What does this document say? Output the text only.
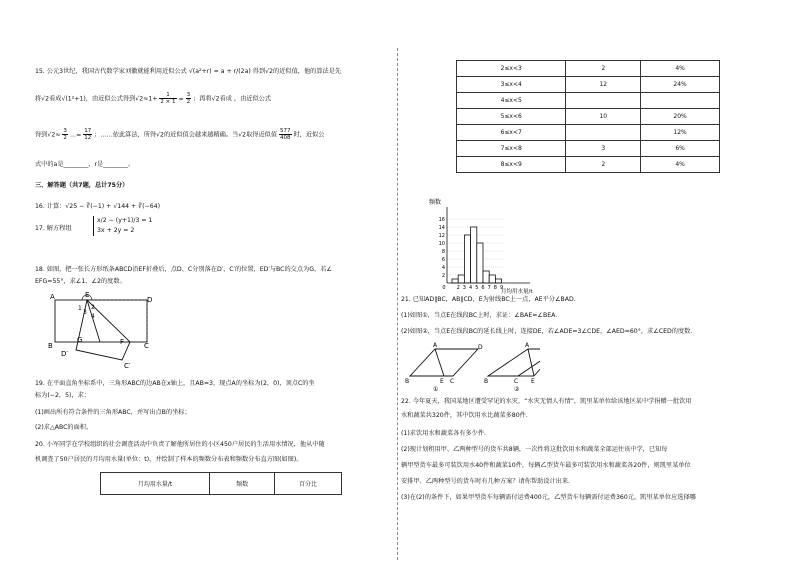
15. 公元3世纪，我国古代数学家刘徽就能利用近似公式 √(a²+r) ≈ a + r/(2a) 得到√2的近似值，他的算法是先
将√2看成√(1²+1)，由近似公式得到$√2\approx 1+ \frac{1}{2 \times 1} = \frac{3}{2}$ ；再将√2看成 ，由近似公式
得到$√2\approx \frac{3}{2}$ …= $\frac{17}{12}$ ；……依此算法，所得√2的近似值会越来越精确。当√2取得近似值 $\frac{577}{408}$ 时，近似公
式中的a是________，r是________。
三、解答题（共7题，总计75分）
16. 计算：√25 − ∛(−1) + √144 + ∛(−64)
17. 解方程组
x/2 − (y+1)/3 = 1
3x + 2y = 2
18. 如图，把一张长方形纸条ABCD沿EF折叠后，点D、C分别落在D′、C′的位置，ED′与BC的交点为G，若∠
EFG=55°，求∠1、∠2的度数。
A	E
D
B
G	F	C
D′
C′
1 2
3
4
19. 在平面直角坐标系中，三角形ABC的边AB在x轴上，且AB=3，现点A的坐标为(2，0)，顶点C的坐
标为(−2，5)，求：
(1)画出所有符合条件的三角形ABC，并写出点B的坐标；
(2)求△ABC的面积。
20. 小军同学在学校组织的社会调查活动中负责了解他所居住的小区450户居民的生活用水情况，他从中随
机调查了50户居民的月均用水量(单位：t)，并绘制了样本的频数分布表和频数分布直方图(如图)。
月均用水量/t	频数	百分比
2≤x<3	2	4%
3≤x<4	12	24%
4≤x<5		
5≤x<6	10	20%
6≤x<7		12%
7≤x<8	3	6%
8≤x<9	2	4%
频数
月均用水量/t
2
4
6
8
10
12
14
16
0 2 3 4 5 6 7 8 9
21. 已知AD∥BC，AB∥CD，E为射线BC上一点，AE平分∠BAD.
(1)如图①，当点E在线段BC上时，求证：∠BAE=∠BEA.
(2)如图②，当点E在线段BC的延长线上时，连接DE，若∠ADE=3∠CDE，∠AED=60°，求∠CED的度数.
B
A	D
E C
①
B
A
C E
②
22. 今年夏天，我国某地区遭受罕见的水灾，“水灾无情人有情”，凯里某单位给该地区某中学捐赠一批饮用
水和蔬菜共320件，其中饮用水比蔬菜多80件.
(1)求饮用水和蔬菜各有多少件.
(2)现计划租用甲、乙两种型号的货车共8辆，一次性将这批饮用水和蔬菜全部运往该中学，已知每
辆甲型货车最多可装饮用水40件和蔬菜10件，每辆乙型货车最多可装饮用水和蔬菜各20件，则凯里某单位
安排甲、乙两种型号的货车时有几种方案？请你帮助设计出来.
(3)在(2)的条件下，如果甲型货车每辆需付运费400元，乙型货车每辆需付运费360元，凯里某单位应选择哪
